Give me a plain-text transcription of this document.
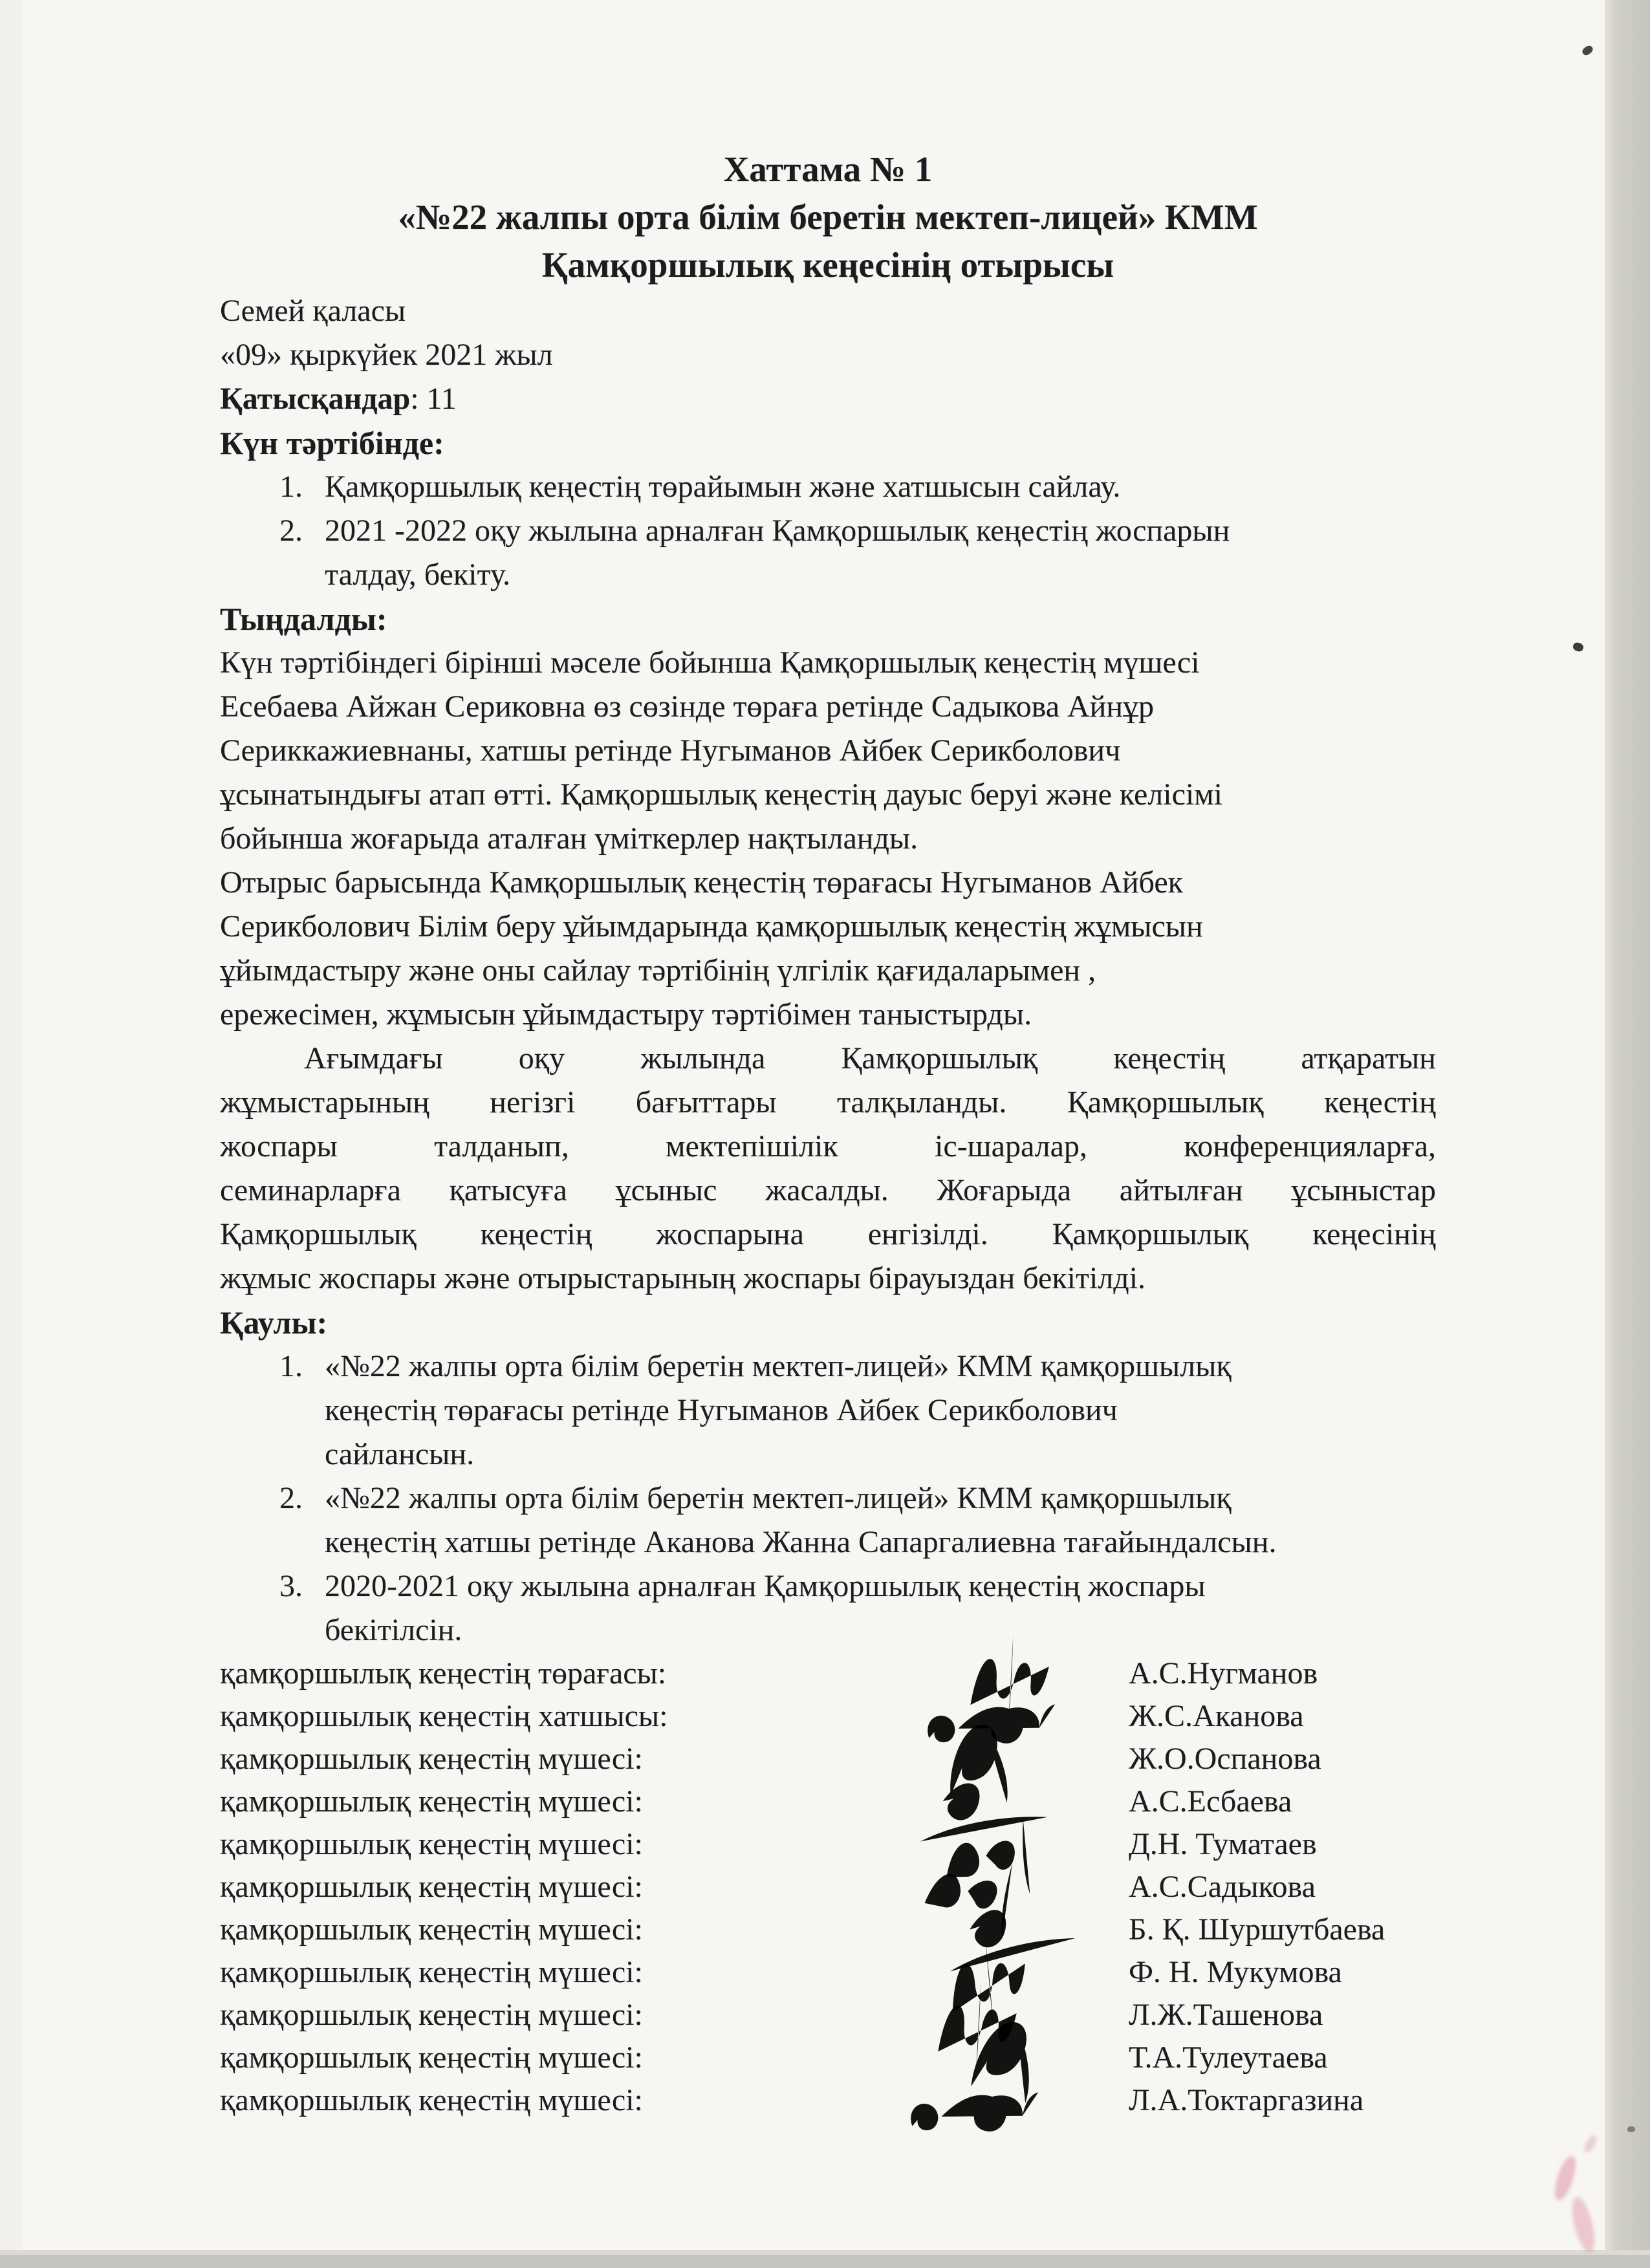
Хаттама № 1
«№22 жалпы орта білім беретін мектеп-лицей» КММ
Қамқоршылық кеңесінің отырысы
Семей қаласы
«09» қыркүйек 2021 жыл
Қатысқандар: 11
Күн тәртібінде:
1. Қамқоршылық кеңестің төрайымын және хатшысын сайлау.
2. 2021 -2022 оқу жылына арналған Қамқоршылық кеңестің жоспарын
талдау, бекіту.
Тыңдалды:
Күн тәртібіндегі бірінші мәселе бойынша Қамқоршылық кеңестің мүшесі
Есебаева Айжан Сериковна өз сөзінде төраға ретінде Садыкова Айнұр
Сериккажиевнаны, хатшы ретінде Нугыманов Айбек Серикболович
ұсынатындығы атап өтті. Қамқоршылық кеңестің дауыс беруі және келісімі
бойынша жоғарыда аталған үміткерлер нақтыланды.
Отырыс барысында Қамқоршылық кеңестің төрағасы Нугыманов Айбек
Серикболович Білім беру ұйымдарында қамқоршылық кеңестің жұмысын
ұйымдастыру және оны сайлау тәртібінің үлгілік қағидаларымен ,
ережесімен, жұмысын ұйымдастыру тәртібімен таныстырды.
Ағымдағы оқу жылында Қамқоршылық кеңестің атқаратын
жұмыстарының негізгі бағыттары талқыланды. Қамқоршылық кеңестің
жоспары талданып, мектепішілік іс-шаралар, конференцияларға,
семинарларға қатысуға ұсыныс жасалды. Жоғарыда айтылған ұсыныстар
Қамқоршылық кеңестің жоспарына енгізілді. Қамқоршылық кеңесінің
жұмыс жоспары және отырыстарының жоспары бірауыздан бекітілді.
Қаулы:
1. «№22 жалпы орта білім беретін мектеп-лицей» КММ қамқоршылық
кеңестің төрағасы ретінде Нугыманов Айбек Серикболович
сайлансын.
2. «№22 жалпы орта білім беретін мектеп-лицей» КММ қамқоршылық
кеңестің хатшы ретінде Аканова Жанна Сапаргалиевна тағайындалсын.
3. 2020-2021 оқу жылына арналған Қамқоршылық кеңестің жоспары
бекітілсін.
қамқоршылық кеңестің төрағасы:	А.С.Нугманов
қамқоршылық кеңестің хатшысы:	Ж.С.Аканова
қамқоршылық кеңестің мүшесі:	Ж.О.Оспанова
қамқоршылық кеңестің мүшесі:	А.С.Есбаева
қамқоршылық кеңестің мүшесі:	Д.Н. Туматаев
қамқоршылық кеңестің мүшесі:	А.С.Садыкова
қамқоршылық кеңестің мүшесі:	Б. Қ. Шуршутбаева
қамқоршылық кеңестің мүшесі:	Ф. Н. Мукумова
қамқоршылық кеңестің мүшесі:	Л.Ж.Ташенова
қамқоршылық кеңестің мүшесі:	Т.А.Тулеутаева
қамқоршылық кеңестің мүшесі:	Л.А.Токтаргазина
